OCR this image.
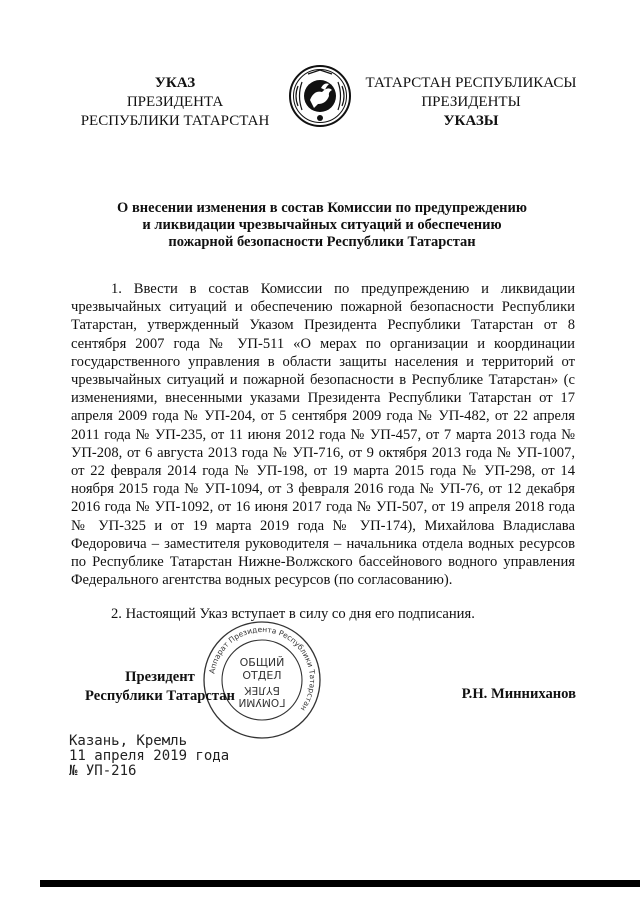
УКАЗ
ПРЕЗИДЕНТА
РЕСПУБЛИКИ ТАТАРСТАН
ТАТАРСТАН РЕСПУБЛИКАСЫ
ПРЕЗИДЕНТЫ
УКАЗЫ
О внесении изменения в состав Комиссии по предупреждению
и ликвидации чрезвычайных ситуаций и обеспечению
пожарной безопасности Республики Татарстан

1. Ввести в состав Комиссии по предупреждению и ликвидации чрезвычайных ситуаций и обеспечению пожарной безопасности Республики Татарстан, утвержденный Указом Президента Республики Татарстан от 8 сентября 2007 года № УП-511 «О мерах по организации и координации государственного управления в области защиты населения и территорий от чрезвычайных ситуаций и пожарной безопасности в Республике Татарстан» (с изменениями, внесенными указами Президента Республики Татарстан от 17 апреля 2009 года № УП-204, от 5 сентября 2009 года № УП-482, от 22 апреля 2011 года № УП-235, от 11 июня 2012 года № УП-457, от 7 марта 2013 года № УП-208, от 6 августа 2013 года № УП-716, от 9 октября 2013 года № УП-1007, от 22 февраля 2014 года № УП-198, от 19 марта 2015 года № УП-298, от 14 ноября 2015 года № УП-1094, от 3 февраля 2016 года № УП-76, от 12 декабря 2016 года № УП-1092, от 16 июня 2017 года № УП-507, от 19 апреля 2018 года № УП-325 и от 19 марта 2019 года № УП-174), Михайлова Владислава Федоровича – заместителя руководителя – начальника отдела водных ресурсов по Республике Татарстан Нижне-Волжского бассейнового водного управления Федерального агентства водных ресурсов (по согласованию).

2. Настоящий Указ вступает в силу со дня его подписания.

Аппарат Президента Республики Татарстан
ОБЩИЙ
ОТДЕЛ
ГОМУМИ
БҮЛЕК
Президент
Республики Татарстан	Р.Н. Минниханов
Казань, Кремль
11 апреля 2019 года
№ УП-216
